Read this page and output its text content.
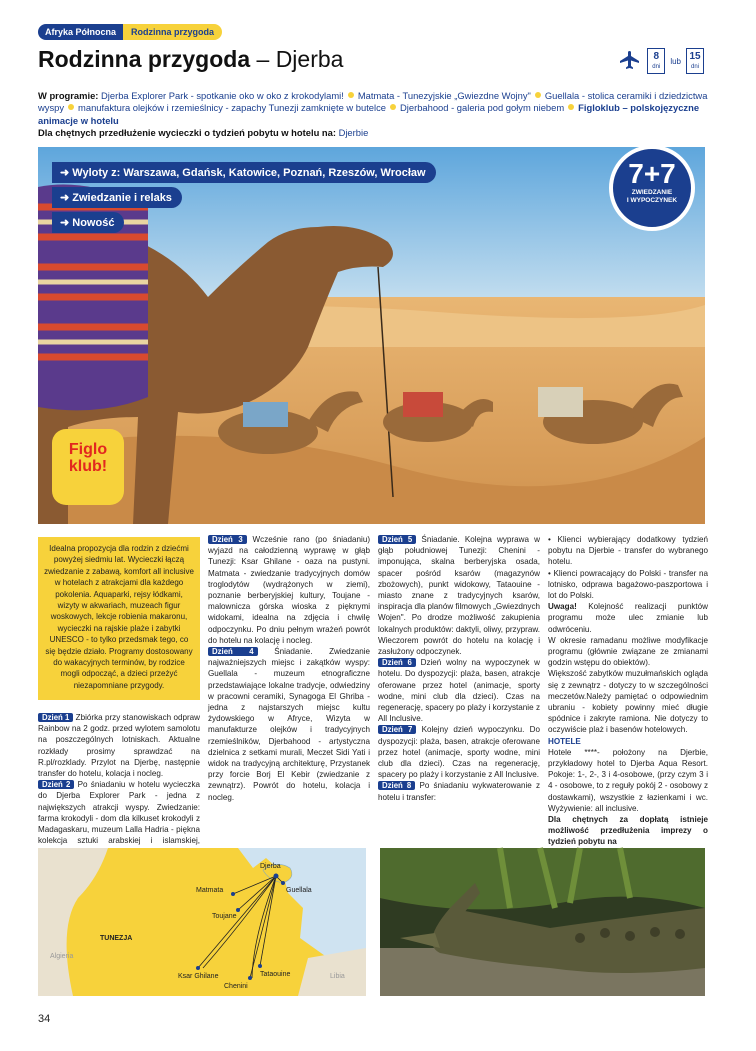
Afryka Północna	Rodzinna przygoda
Rodzinna przygoda – Djerba	8
dni
lub 15
dni
W programie: Djerba Explorer Park - spotkanie oko w oko z krokodylami! Matmata - Tunezyjskie „Gwiezdne Wojny" Guellala - stolica ceramiki i dziedzictwa wyspy manufaktura olejków i rzemieślnicy - zapachy Tunezji zamknięte w butelce Djerbahood - galeria pod gołym niebem Figloklub – polskojęzyczne animacje w hotelu
Dla chętnych przedłużenie wycieczki o tydzień pobytu w hotelu na: Djerbie
➜ Wyloty z: Warszawa, Gdańsk, Katowice, Poznań, Rzeszów, Wrocław
➜ Zwiedzanie i relaks
➜ Nowość
7+7
ZWIEDZANIE
I WYPOCZYNEK
Figlo
klub!
Idealna propozycja dla rodzin z dziećmi powyżej siedmiu lat. Wycieczki łączą zwiedzanie z zabawą, komfort all inclusive w hotelach z atrakcjami dla każdego pokolenia. Aquaparki, rejsy łódkami, wizyty w akwariach, muzeach figur woskowych, lekcje robienia makaronu, wycieczki na rajskie plaże i zabytki UNESCO - to tylko przedsmak tego, co się będzie działo. Programy dostosowany do wakacyjnych terminów, by rodzice mogli odpocząć, a dzieci przeżyć niezapomniane przygody.
Dzień 1 Zbiórka przy stanowiskach odpraw Rainbow na 2 godz. przed wylotem samolotu na poszczególnych lotniskach. Aktualne rozkłady prosimy sprawdzać na R.pl/rozklady. Przylot na Djerbę, następnie transfer do hotelu, kolacja i nocleg.
Dzień 2 Po śniadaniu w hotelu wycieczka do Djerba Explorer Park - jedna z największych atrakcji wyspy. Zwiedzanie: farma krokodyli - dom dla kilkuset krokodyli z Madagaskaru, muzeum Lalla Hadria - piękna kolekcja sztuki arabskiej i islamskiej,
Dzień 3 Wcześnie rano (po śniadaniu) wyjazd na całodzienną wyprawę w głąb Tunezji: Ksar Ghilane - oaza na pustyni. Matmata - zwiedzanie tradycyjnych domów troglodytów (wydrążonych w ziemi), poznanie berberyjskiej kultury, Toujane - malownicza górska wioska z pięknymi widokami, idealna na zdjęcia i chwilę odpoczynku. Po dniu pełnym wrażeń powrót do hotelu na kolację i nocleg.
Dzień 4	Śniadanie. Zwiedzanie najważniejszych miejsc i zakątków wyspy: Guellala - muzeum etnograficzne przedstawiające lokalne tradycje, odwiedziny w pracowni ceramiki, Synagoga El Ghriba - jedna z najstarszych miejsc kultu żydowskiego w Afryce, Wizyta w manufakturze olejków i tradycyjnych rzemieślników, Djerbahood - artystyczna dzielnica z setkami murali, Meczet Sidi Yati i widok na tradycyjną architekturę, Przystanek przy forcie Borj El Kebir (zwiedzanie z zewnątrz). Powrót do hotelu, kolacja i nocleg.
Dzień 5 Śniadanie. Kolejna wyprawa w głąb południowej Tunezji: Chenini - imponująca, skalna berberyjska osada, spacer pośród ksarów (magazynów zbożowych), punkt widokowy, Tataouine - miasto znane z tradycyjnych ksarów, inspiracja dla planów filmowych „Gwiezdnych Wojen". Po drodze możliwość zakupienia lokalnych produktów: daktyli, oliwy, przypraw. Wieczorem powrót do hotelu na kolację i zasłużony odpoczynek.
Dzień 6 Dzień wolny na wypoczynek w hotelu. Do dyspozycji: plaża, basen, atrakcje oferowane przez hotel (animacje, sporty wodne, mini club dla dzieci). Czas na regenerację, spacery po plaży i korzystanie z All Inclusive.
Dzień 7 Kolejny dzień wypoczynku. Do dyspozycji: plaża, basen, atrakcje oferowane przez hotel (animacje, sporty wodne, mini club dla dzieci). Czas na regenerację, spacery po plaży i korzystanie z All Inclusive.
Dzień 8 Po śniadaniu wykwaterowanie z hotelu i transfer:
• Klienci wybierający dodatkowy tydzień pobytu na Djerbie - transfer do wybranego hotelu.
• Klienci powracający do Polski - transfer na lotnisko, odprawa bagażowo-paszportowa i lot do Polski.
Uwaga! Kolejność realizacji punktów programu może ulec zmianie lub odwróceniu.
W okresie ramadanu możliwe modyfikacje programu (głównie związane ze zmianami godzin wstępu do obiektów).
Większość zabytków muzułmańskich ogląda się z zewnątrz - dotyczy to w szczególności meczetów.Należy pamiętać o odpowiednim ubraniu - kobiety powinny mieć długie spódnice i zakryte ramiona. Nie dotyczy to oczywiście plaż i basenów hotelowych.
HOTELE
Hotele ****- położony na Djerbie, przykładowy hotel to Djerba Aqua Resort. Pokoje: 1-, 2-, 3 i 4-osobowe, (przy czym 3 i 4 - osobowe, to z reguły pokój 2 - osobowy z dostawkami), wszystkie z łazienkami i wc. Wyżywienie: all inclusive.
Dla chętnych za dopłatą istnieje możliwość przedłużenia imprezy o tydzień pobytu na
Djerba
Guellala
Matmata
Toujane
TUNEZJA
Ksar Ghilane	Tataouine
Chenini
Algieria
Libia
34
